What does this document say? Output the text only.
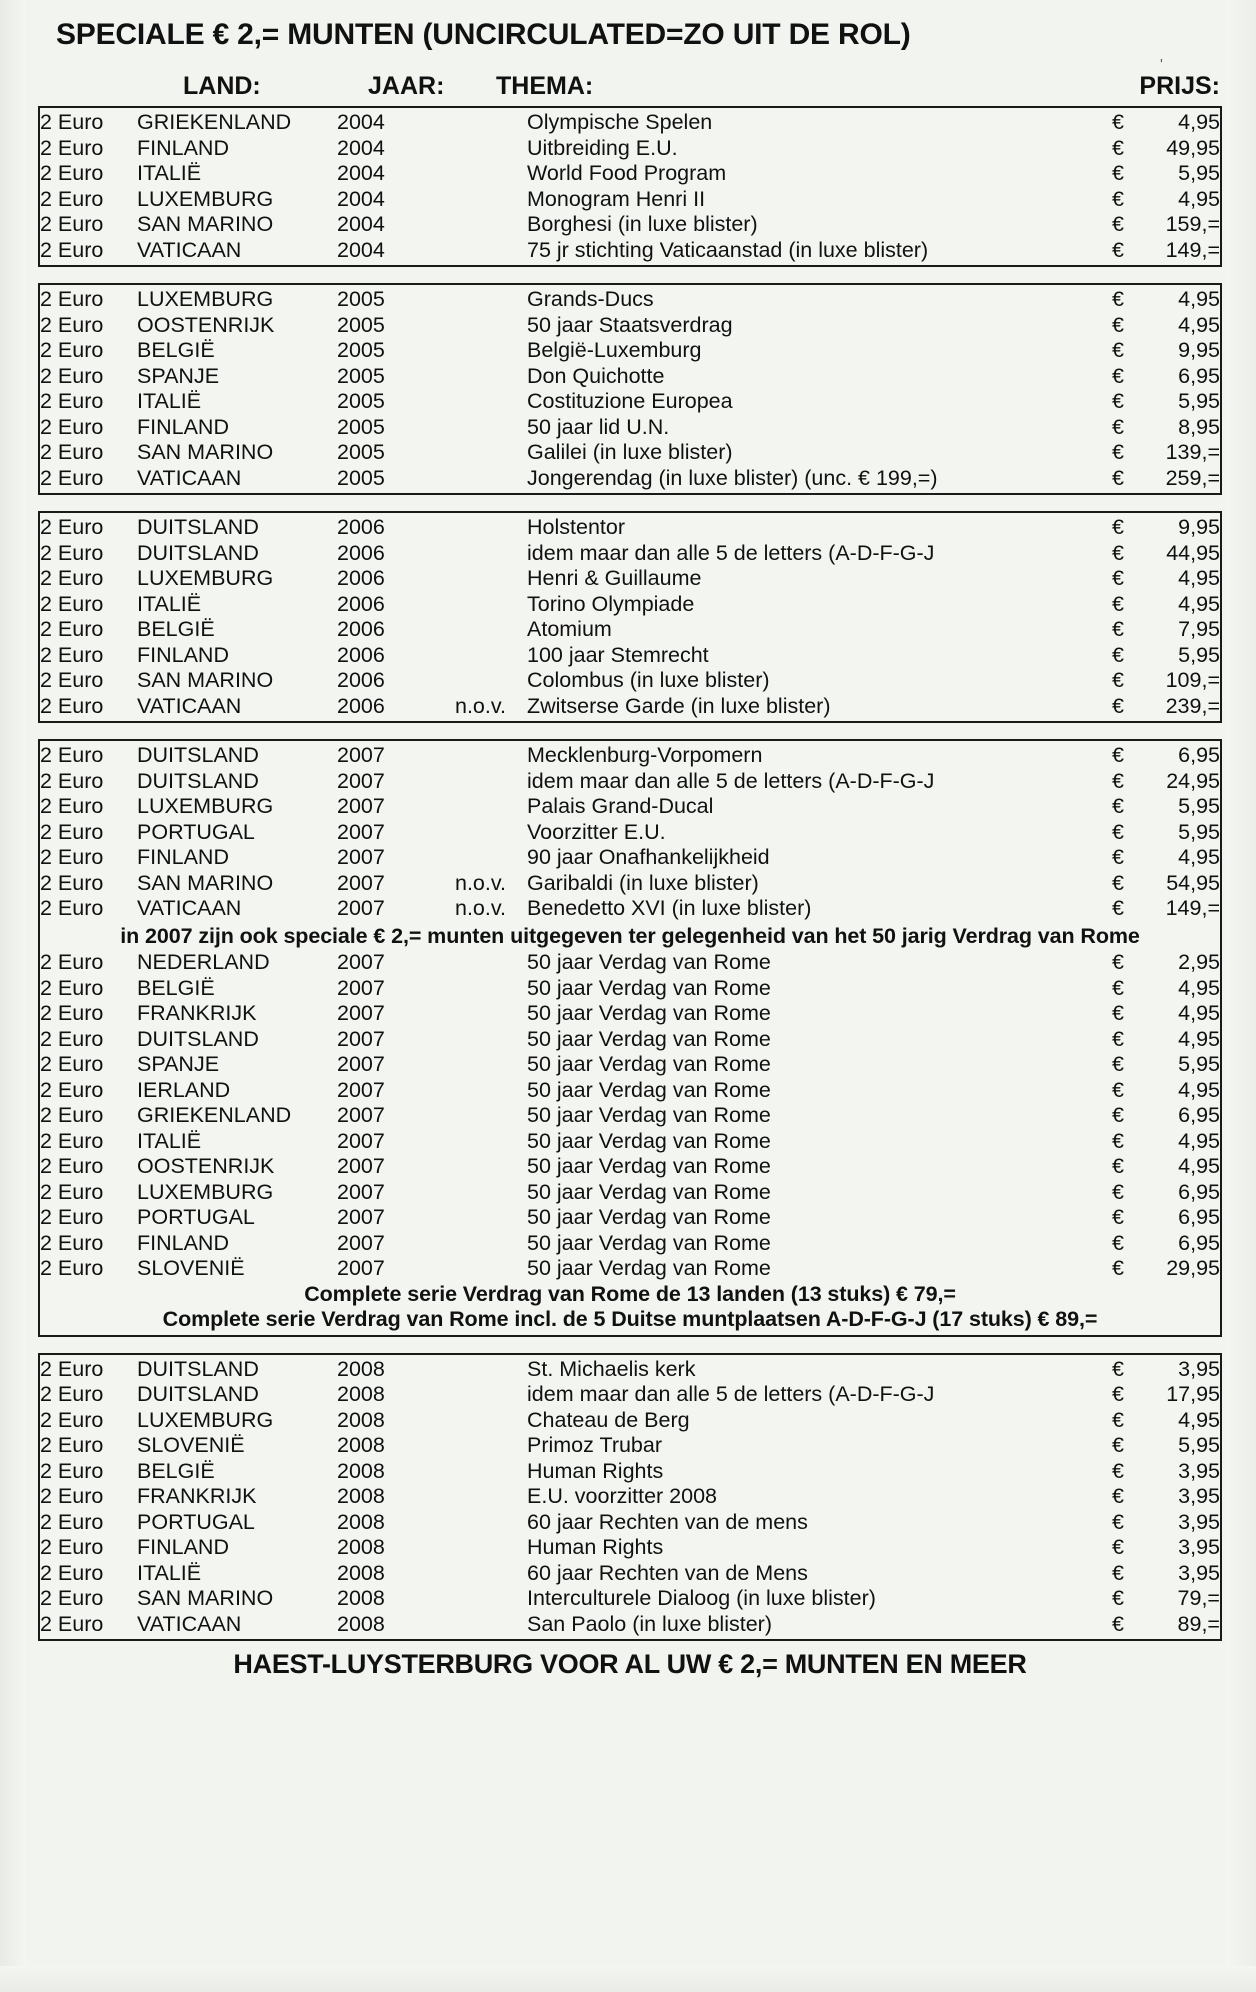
SPECIALE € 2,= MUNTEN (UNCIRCULATED=ZO UIT DE ROL)
'
LAND:	JAAR: THEMA:	PRIJS:
2 Euro	GRIEKENLAND	2004		Olympische Spelen	€	4,95
2 Euro	FINLAND	2004		Uitbreiding E.U.	€	49,95
2 Euro	ITALIË	2004		World Food Program	€	5,95
2 Euro	LUXEMBURG	2004		Monogram Henri II	€	4,95
2 Euro	SAN MARINO	2004		Borghesi (in luxe blister)	€	159,=
2 Euro	VATICAAN	2004		75 jr stichting Vaticaanstad (in luxe blister)	€	149,=
2 Euro	LUXEMBURG	2005		Grands-Ducs	€	4,95
2 Euro	OOSTENRIJK	2005		50 jaar Staatsverdrag	€	4,95
2 Euro	BELGIË	2005		België-Luxemburg	€	9,95
2 Euro	SPANJE	2005		Don Quichotte	€	6,95
2 Euro	ITALIË	2005		Costituzione Europea	€	5,95
2 Euro	FINLAND	2005		50 jaar lid U.N.	€	8,95
2 Euro	SAN MARINO	2005		Galilei (in luxe blister)	€	139,=
2 Euro	VATICAAN	2005		Jongerendag (in luxe blister) (unc. € 199,=)	€	259,=
2 Euro	DUITSLAND	2006		Holstentor	€	9,95
2 Euro	DUITSLAND	2006		idem maar dan alle 5 de letters (A-D-F-G-J	€	44,95
2 Euro	LUXEMBURG	2006		Henri & Guillaume	€	4,95
2 Euro	ITALIË	2006		Torino Olympiade	€	4,95
2 Euro	BELGIË	2006		Atomium	€	7,95
2 Euro	FINLAND	2006		100 jaar Stemrecht	€	5,95
2 Euro	SAN MARINO	2006		Colombus (in luxe blister)	€	109,=
2 Euro	VATICAAN	2006	n.o.v.	Zwitserse Garde (in luxe blister)	€	239,=
2 Euro	DUITSLAND	2007		Mecklenburg-Vorpomern	€	6,95
2 Euro	DUITSLAND	2007		idem maar dan alle 5 de letters (A-D-F-G-J	€	24,95
2 Euro	LUXEMBURG	2007		Palais Grand-Ducal	€	5,95
2 Euro	PORTUGAL	2007		Voorzitter E.U.	€	5,95
2 Euro	FINLAND	2007		90 jaar Onafhankelijkheid	€	4,95
2 Euro	SAN MARINO	2007	n.o.v.	Garibaldi (in luxe blister)	€	54,95
2 Euro	VATICAAN	2007	n.o.v.	Benedetto XVI (in luxe blister)	€	149,=
in 2007 zijn ook speciale € 2,= munten uitgegeven ter gelegenheid van het 50 jarig Verdrag van Rome						
2 Euro	NEDERLAND	2007		50 jaar Verdag van Rome	€	2,95
2 Euro	BELGIË	2007		50 jaar Verdag van Rome	€	4,95
2 Euro	FRANKRIJK	2007		50 jaar Verdag van Rome	€	4,95
2 Euro	DUITSLAND	2007		50 jaar Verdag van Rome	€	4,95
2 Euro	SPANJE	2007		50 jaar Verdag van Rome	€	5,95
2 Euro	IERLAND	2007		50 jaar Verdag van Rome	€	4,95
2 Euro	GRIEKENLAND	2007		50 jaar Verdag van Rome	€	6,95
2 Euro	ITALIË	2007		50 jaar Verdag van Rome	€	4,95
2 Euro	OOSTENRIJK	2007		50 jaar Verdag van Rome	€	4,95
2 Euro	LUXEMBURG	2007		50 jaar Verdag van Rome	€	6,95
2 Euro	PORTUGAL	2007		50 jaar Verdag van Rome	€	6,95
2 Euro	FINLAND	2007		50 jaar Verdag van Rome	€	6,95
2 Euro	SLOVENIË	2007		50 jaar Verdag van Rome	€	29,95
Complete serie Verdrag van Rome de 13 landen (13 stuks) € 79,=						
Complete serie Verdrag van Rome incl. de 5 Duitse muntplaatsen A-D-F-G-J (17 stuks) € 89,=						
2 Euro	DUITSLAND	2008		St. Michaelis kerk	€	3,95
2 Euro	DUITSLAND	2008		idem maar dan alle 5 de letters (A-D-F-G-J	€	17,95
2 Euro	LUXEMBURG	2008		Chateau de Berg	€	4,95
2 Euro	SLOVENIË	2008		Primoz Trubar	€	5,95
2 Euro	BELGIË	2008		Human Rights	€	3,95
2 Euro	FRANKRIJK	2008		E.U. voorzitter 2008	€	3,95
2 Euro	PORTUGAL	2008		60 jaar Rechten van de mens	€	3,95
2 Euro	FINLAND	2008		Human Rights	€	3,95
2 Euro	ITALIË	2008		60 jaar Rechten van de Mens	€	3,95
2 Euro	SAN MARINO	2008		Interculturele Dialoog (in luxe blister)	€	79,=
2 Euro	VATICAAN	2008		San Paolo (in luxe blister)	€	89,=
HAEST-LUYSTERBURG VOOR AL UW € 2,= MUNTEN EN MEER
